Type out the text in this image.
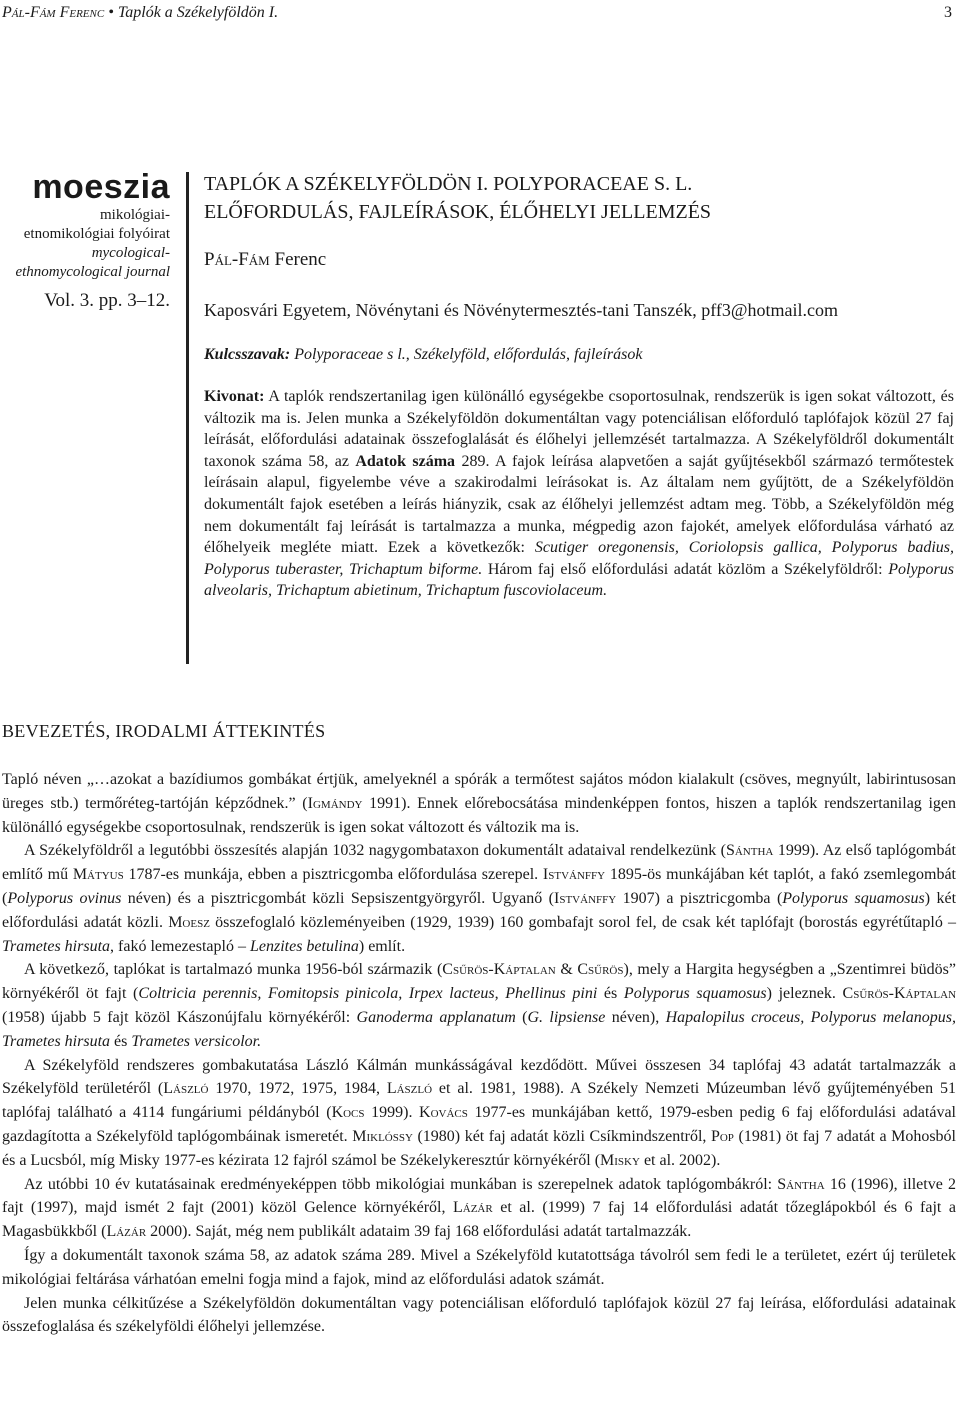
Pál-Fám Ferenc • Taplók a Székelyföldön I.	3
moeszia
mikológiai-
etnomikológiai folyóirat
mycological-
ethnomycological journal
Vol. 3. pp. 3–12.
TAPLÓK A SZÉKELYFÖLDÖN I. POLYPORACEAE S. L.
ELŐFORDULÁS, FAJLEÍRÁSOK, ÉLŐHELYI JELLEMZÉS
Pál-Fám Ferenc
Kaposvári Egyetem, Növénytani és Növénytermesztés-tani Tanszék, pff3@hotmail.com
Kulcsszavak: Polyporaceae s l., Székelyföld, előfordulás, fajleírások
Kivonat: A taplók rendszertanilag igen különálló egységekbe csoportosulnak, rendszerük is igen sokat változott, és változik ma is. Jelen munka a Székelyföldön dokumentáltan vagy potenciálisan előforduló taplófajok közül 27 faj leírását, előfordulási adatainak összefoglalását és élőhelyi jellemzését tartalmazza. A Székelyföldről dokumentált taxonok száma 58, az Adatok száma 289. A fajok leírása alapvetően a saját gyűjtésekből származó termőtestek leírásain alapul, figyelembe véve a szakirodalmi leírásokat is. Az általam nem gyűjtött, de a Székelyföldön dokumentált fajok esetében a leírás hiányzik, csak az élőhelyi jellemzést adtam meg. Több, a Székelyföldön még nem dokumentált faj leírását is tartalmazza a munka, mégpedig azon fajokét, amelyek előfordulása várható az élőhelyeik megléte miatt. Ezek a következők: Scutiger oregonensis, Coriolopsis gallica, Polyporus badius, Polyporus tuberaster, Trichaptum biforme. Három faj első előfordulási adatát közlöm a Székelyföldről: Polyporus alveolaris, Trichaptum abietinum, Trichaptum fuscoviolaceum.
BEVEZETÉS, IRODALMI ÁTTEKINTÉS

Tapló néven „…azokat a bazídiumos gombákat értjük, amelyeknél a spórák a termőtest sajátos módon kialakult (csöves, megnyúlt, labirintusosan üreges stb.) termőréteg-tartóján képződnek.” (Igmándy 1991). Ennek előrebocsátása mindenképpen fontos, hiszen a taplók rendszertanilag igen különálló egységekbe csoportosulnak, rendszerük is igen sokat változott és változik ma is.

A Székelyföldről a legutóbbi összesítés alapján 1032 nagygombataxon dokumentált adataival rendelkezünk (Sántha 1999). Az első taplógombát említő mű Mátyus 1787-es munkája, ebben a pisztricgomba előfordulása szerepel. Istvánffy 1895-ös munkájában két taplót, a fakó zsemlegombát (Polyporus ovinus néven) és a pisztricgombát közli Sepsiszentgyörgyről. Ugyanő (Istvánffy 1907) a pisztricgomba (Polyporus squamosus) két előfordulási adatát közli. Moesz összefoglaló közleményeiben (1929, 1939) 160 gombafajt sorol fel, de csak két taplófajt (borostás egyrétűtapló – Trametes hirsuta, fakó lemezestapló – Lenzites betulina) említ.

A következő, taplókat is tartalmazó munka 1956-ból származik (Csűrös-Káptalan & Csűrös), mely a Hargita hegységben a „Szentimrei büdös” környékéről öt fajt (Coltricia perennis, Fomitopsis pinicola, Irpex lacteus, Phellinus pini és Polyporus squamosus) jeleznek. Csűrös-Káptalan (1958) újabb 5 fajt közöl Kászonújfalu környékéről: Ganoderma applanatum (G. lipsiense néven), Hapalopilus croceus, Polyporus melanopus, Trametes hirsuta és Trametes versicolor.

A Székelyföld rendszeres gombakutatása László Kálmán munkásságával kezdődött. Művei összesen 34 taplófaj 43 adatát tartalmazzák a Székelyföld területéről (László 1970, 1972, 1975, 1984, László et al. 1981, 1988). A Székely Nemzeti Múzeumban lévő gyűjteményében 51 taplófaj található a 4114 fungáriumi példányból (Kocs 1999). Kovács 1977-es munkájában kettő, 1979-esben pedig 6 faj előfordulási adatával gazdagította a Székelyföld taplógombáinak ismeretét. Miklóssy (1980) két faj adatát közli Csíkmindszentről, Pop (1981) öt faj 7 adatát a Mohosból és a Lucsból, míg Misky 1977-es kézirata 12 fajról számol be Székelykeresztúr környékéről (Misky et al. 2002).

Az utóbbi 10 év kutatásainak eredményeképpen több mikológiai munkában is szerepelnek adatok taplógombákról: Sántha 16 (1996), illetve 2 fajt (1997), majd ismét 2 fajt (2001) közöl Gelence környékéről, Lázár et al. (1999) 7 faj 14 előfordulási adatát tőzeglápokból és 6 fajt a Magasbükkből (Lázár 2000). Saját, még nem publikált adataim 39 faj 168 előfordulási adatát tartalmazzák.

Így a dokumentált taxonok száma 58, az adatok száma 289. Mivel a Székelyföld kutatottsága távolról sem fedi le a területet, ezért új területek mikológiai feltárása várhatóan emelni fogja mind a fajok, mind az előfordulási adatok számát.

Jelen munka célkitűzése a Székelyföldön dokumentáltan vagy potenciálisan előforduló taplófajok közül 27 faj leírása, előfordulási adatainak összefoglalása és székelyföldi élőhelyi jellemzése.
